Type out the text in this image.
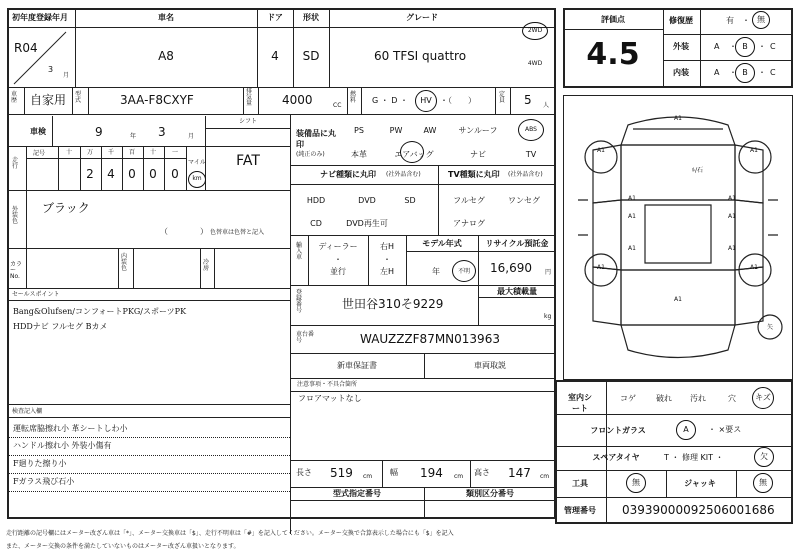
初年度登録年月	車名	ドア	形状	グレード
R04
3
月
A8	4 SD	60 TFSI quattro
2WD
4WD
車歴 自家用 型式	3AA-F8CXYF
排気量 4000	CC
燃料 G ・ D ・ HV ・（　　）
定員 5 人
車検	9	年 3	月
シフト
FAT
走行
記号	十 万 千 百 十	一
2 4 0 0 0
マイル
km
外装色
ブラック
（	） 色替車は色替と記入
カラーNo.
内装色
冷房
セールスポイント
Bang&Olufsen/コンフォートPKG/スポーツPK
HDDナビ フルセグ Bカメ
検査記入欄
運転席脇擦れ小 革シートしわ小
ハンドル擦れ小 外装小傷有
F廻りた擦り小
Fガラス飛び石小
装備品に丸印
(純正のみ)
PS	PW	AW	サンルーフ	ABS
本革	エアバッグ	ナビ	TV
ナビ種類に丸印 (社外品含む)	TV種類に丸印 (社外品含む)
HDD	DVD	SD
CD	DVD再生可
フルセグ	ワンセグ
アナログ
輸入車
ディーラー
・
並行
右H
・
左H
モデル年式
年	不明
リサイクル預託金
16,690 円
登録番号	世田谷310そ9229
最大積載量
kg
車台番号	WAUZZZF87MN013963
新車保証書	車両取説
注意事項・不具合箇所
フロアマットなし
長さ 519 cm 幅 194 cm 高さ 147 cm
型式指定番号	類別区分番号
評価点
4.5
修復歴	有 ・ 無
外装	A ・ B ・ C
内装	A ・ B ・ C
A1
A1	A1
A1	A1
A1	A1
A1	A1
A1
A1	A1
ﾙ/石
矢
室内シート
コゲ	破れ 汚れ	穴 キズ
フロントガラス	A ・ ×要ス
スペアタイヤ	T ・ 修理 KIT ・	欠
工具	無	ジャッキ	無
管理番号 03939000092506001686
走行距離の記号欄にはメーター改ざん車は「*」、メーター交換車は「$」、走行不明車は「#」を記入してください。メーター交換で合算表示した場合にも「$」を記入
また、メーター交換の条件を満たしていないものはメーター改ざん車扱いとなります。
